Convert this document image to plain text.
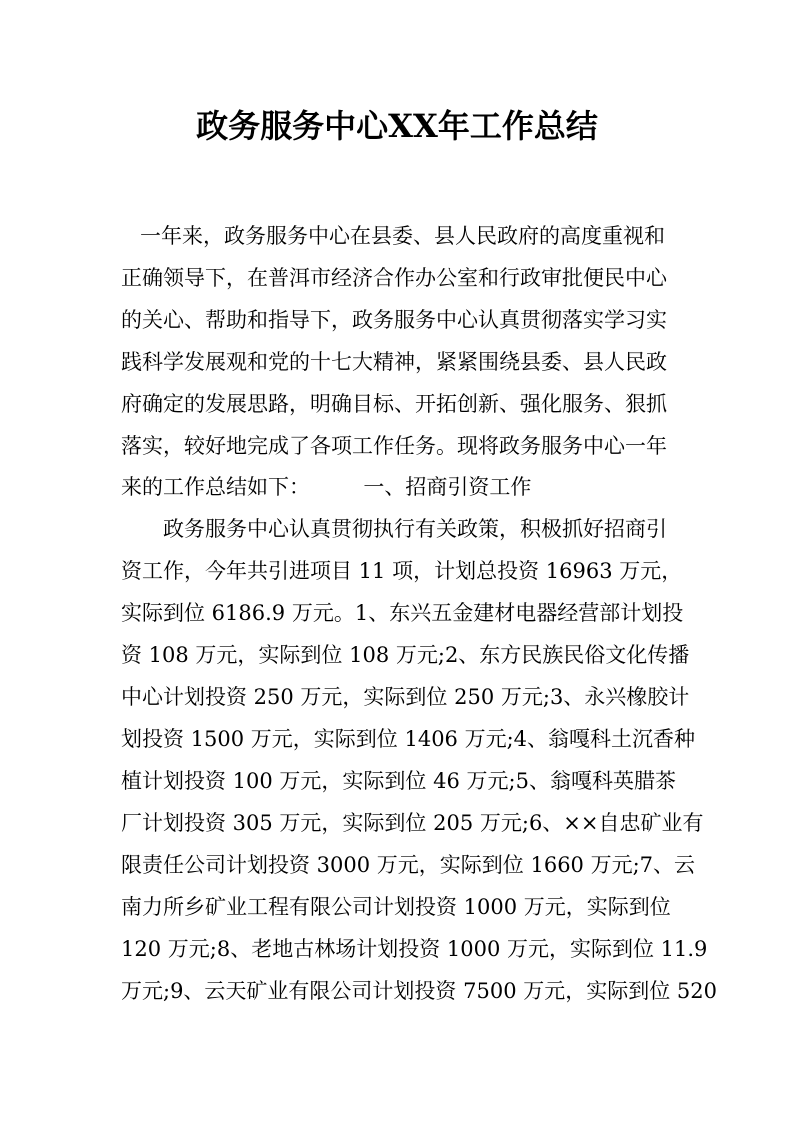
政务服务中心XX年工作总结
一年来，政务服务中心在县委、县人民政府的高度重视和
正确领导下，在普洱市经济合作办公室和行政审批便民中心
的关心、帮助和指导下，政务服务中心认真贯彻落实学习实
践科学发展观和党的十七大精神，紧紧围绕县委、县人民政
府确定的发展思路，明确目标、开拓创新、强化服务、狠抓
落实，较好地完成了各项工作任务。现将政务服务中心一年
来的工作总结如下：        一、招商引资工作
政务服务中心认真贯彻执行有关政策，积极抓好招商引
资工作，今年共引进项目 11 项，计划总投资 16963 万元，
实际到位 6186.9 万元。1、东兴五金建材电器经营部计划投
资 108 万元，实际到位 108 万元;2、东方民族民俗文化传播
中心计划投资 250 万元，实际到位 250 万元;3、永兴橡胶计
划投资 1500 万元，实际到位 1406 万元;4、翁嘎科土沉香种
植计划投资 100 万元，实际到位 46 万元;5、翁嘎科英腊茶
厂计划投资 305 万元，实际到位 205 万元;6、××自忠矿业有
限责任公司计划投资 3000 万元，实际到位 1660 万元;7、云
南力所乡矿业工程有限公司计划投资 1000 万元，实际到位
120 万元;8、老地古林场计划投资 1000 万元，实际到位 11.9
万元;9、云天矿业有限公司计划投资 7500 万元，实际到位 520
